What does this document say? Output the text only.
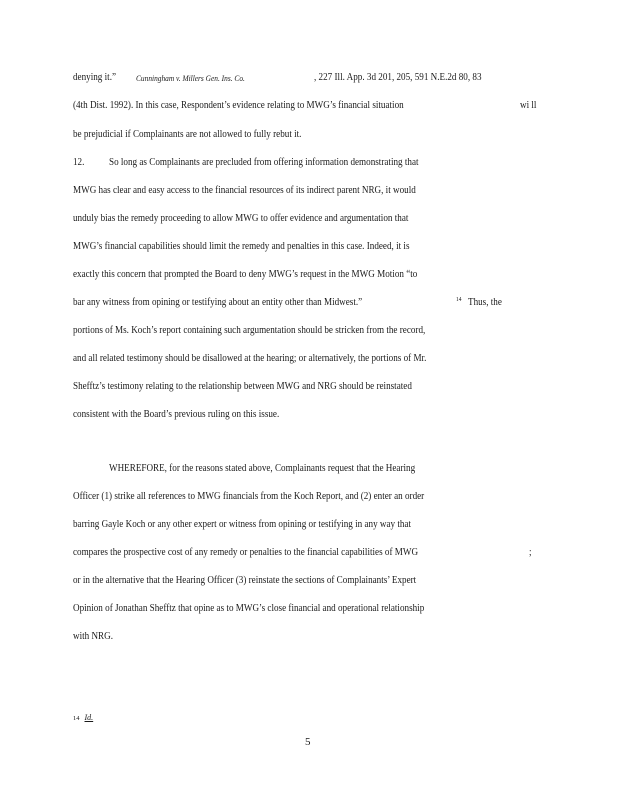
denying it.” Cunningham v. Millers Gen. Ins. Co.	, 227 Ill. App. 3d 201, 205, 591 N.E.2d 80, 83
(4th Dist. 1992). In this case, Respondent’s evidence relating to MWG’s financial situation	wi ll
be prejudicial if Complainants are not allowed to fully rebut it.
12. So long as Complainants are precluded from offering information demonstrating that
MWG has clear and easy access to the financial resources of its indirect parent NRG, it would
unduly bias the remedy proceeding to allow MWG to offer evidence and argumentation that
MWG’s financial capabilities should limit the remedy and penalties in this case. Indeed, it is
exactly this concern that prompted the Board to deny MWG’s request in the MWG Motion “to
bar any witness from opining or testifying about an entity other than Midwest.”	14 Thus, the
portions of Ms. Koch’s report containing such argumentation should be stricken from the record,
and all related testimony should be disallowed at the hearing; or alternatively, the portions of Mr.
Shefftz’s testimony relating to the relationship between MWG and NRG should be reinstated
consistent with the Board’s previous ruling on this issue.
WHEREFORE, for the reasons stated above, Complainants request that the Hearing
Officer (1) strike all references to MWG financials from the Koch Report, and (2) enter an order
barring Gayle Koch or any other expert or witness from opining or testifying in any way that
compares the prospective cost of any remedy or penalties to the financial capabilities of MWG	;
or in the alternative that the Hearing Officer (3) reinstate the sections of Complainants’ Expert
Opinion of Jonathan Shefftz that opine as to MWG’s close financial and operational relationship
with NRG.
14 Id.
5
